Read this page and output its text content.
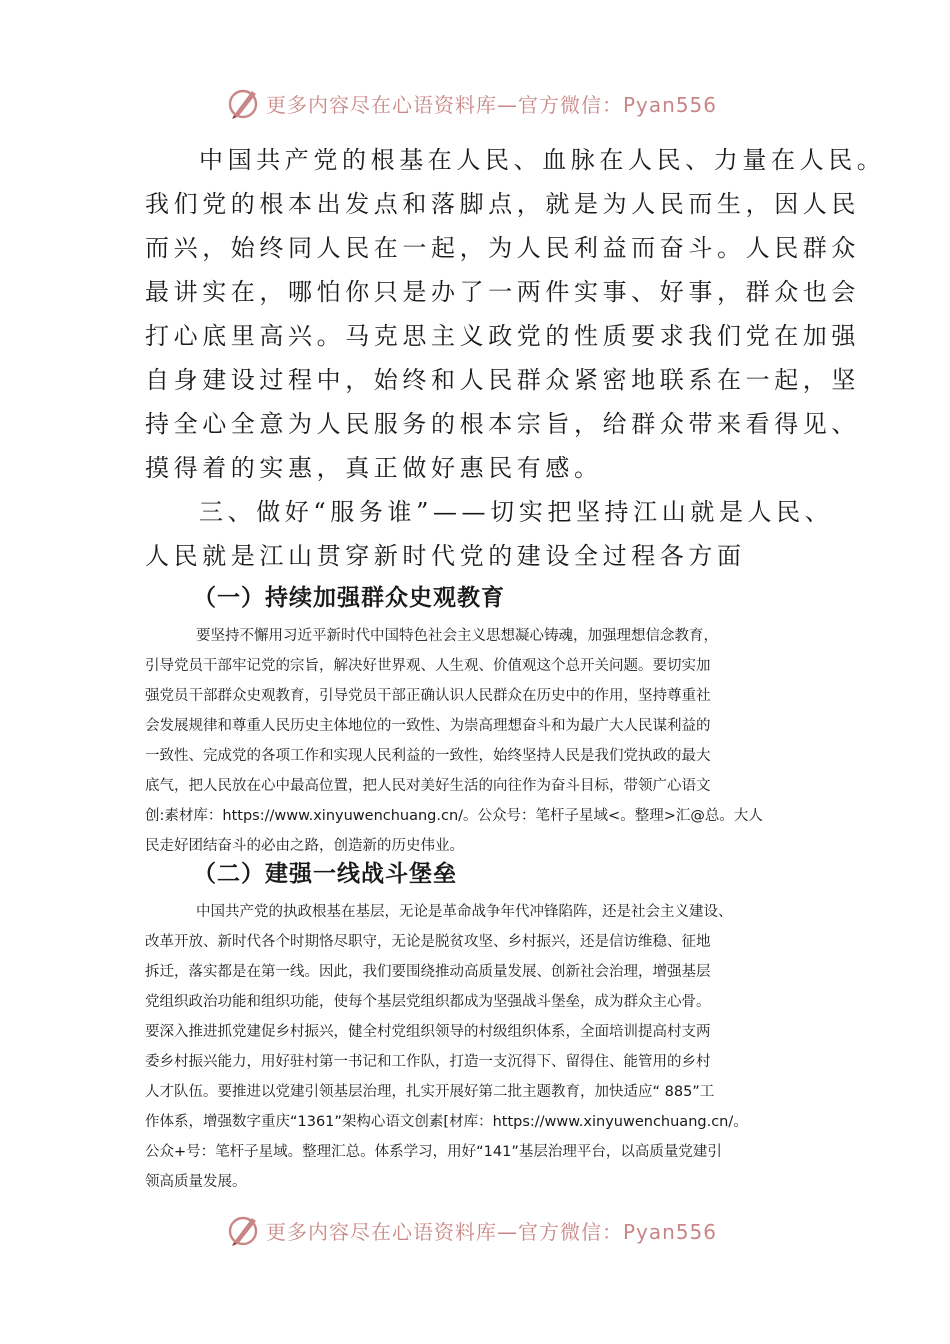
更多内容尽在心语资料库—官方微信：Pyan556
中国共产党的根基在人民、血脉在人民、力量在人民。
我们党的根本出发点和落脚点，就是为人民而生，因人民
而兴，始终同人民在一起，为人民利益而奋斗。人民群众
最讲实在，哪怕你只是办了一两件实事、好事，群众也会
打心底里高兴。马克思主义政党的性质要求我们党在加强
自身建设过程中，始终和人民群众紧密地联系在一起，坚
持全心全意为人民服务的根本宗旨，给群众带来看得见、
摸得着的实惠，真正做好惠民有感。
三、做好“服务谁”——切实把坚持江山就是人民、
人民就是江山贯穿新时代党的建设全过程各方面
（一）持续加强群众史观教育
要坚持不懈用习近平新时代中国特色社会主义思想凝心铸魂，加强理想信念教育，
引导党员干部牢记党的宗旨，解决好世界观、人生观、价值观这个总开关问题。要切实加
强党员干部群众史观教育，引导党员干部正确认识人民群众在历史中的作用，坚持尊重社
会发展规律和尊重人民历史主体地位的一致性、为崇高理想奋斗和为最广大人民谋利益的
一致性、完成党的各项工作和实现人民利益的一致性，始终坚持人民是我们党执政的最大
底气，把人民放在心中最高位置，把人民对美好生活的向往作为奋斗目标，带领广心语文
创:素材库：https://www.xinyuwenchuang.cn/。公众号：笔杆子星域<。整理>汇@总。大人
民走好团结奋斗的必由之路，创造新的历史伟业。
（二）建强一线战斗堡垒
中国共产党的执政根基在基层，无论是革命战争年代冲锋陷阵，还是社会主义建设、
改革开放、新时代各个时期恪尽职守，无论是脱贫攻坚、乡村振兴，还是信访维稳、征地
拆迁，落实都是在第一线。因此，我们要围绕推动高质量发展、创新社会治理，增强基层
党组织政治功能和组织功能，使每个基层党组织都成为坚强战斗堡垒，成为群众主心骨。
要深入推进抓党建促乡村振兴，健全村党组织领导的村级组织体系，全面培训提高村支两
委乡村振兴能力，用好驻村第一书记和工作队，打造一支沉得下、留得住、能管用的乡村
人才队伍。要推进以党建引领基层治理，扎实开展好第二批主题教育，加快适应“ 885”工
作体系，增强数字重庆“1361”架构心语文创素[材库：https://www.xinyuwenchuang.cn/。
公众+号：笔杆子星域。整理汇总。体系学习，用好“141”基层治理平台，以高质量党建引
领高质量发展。
更多内容尽在心语资料库—官方微信：Pyan556
